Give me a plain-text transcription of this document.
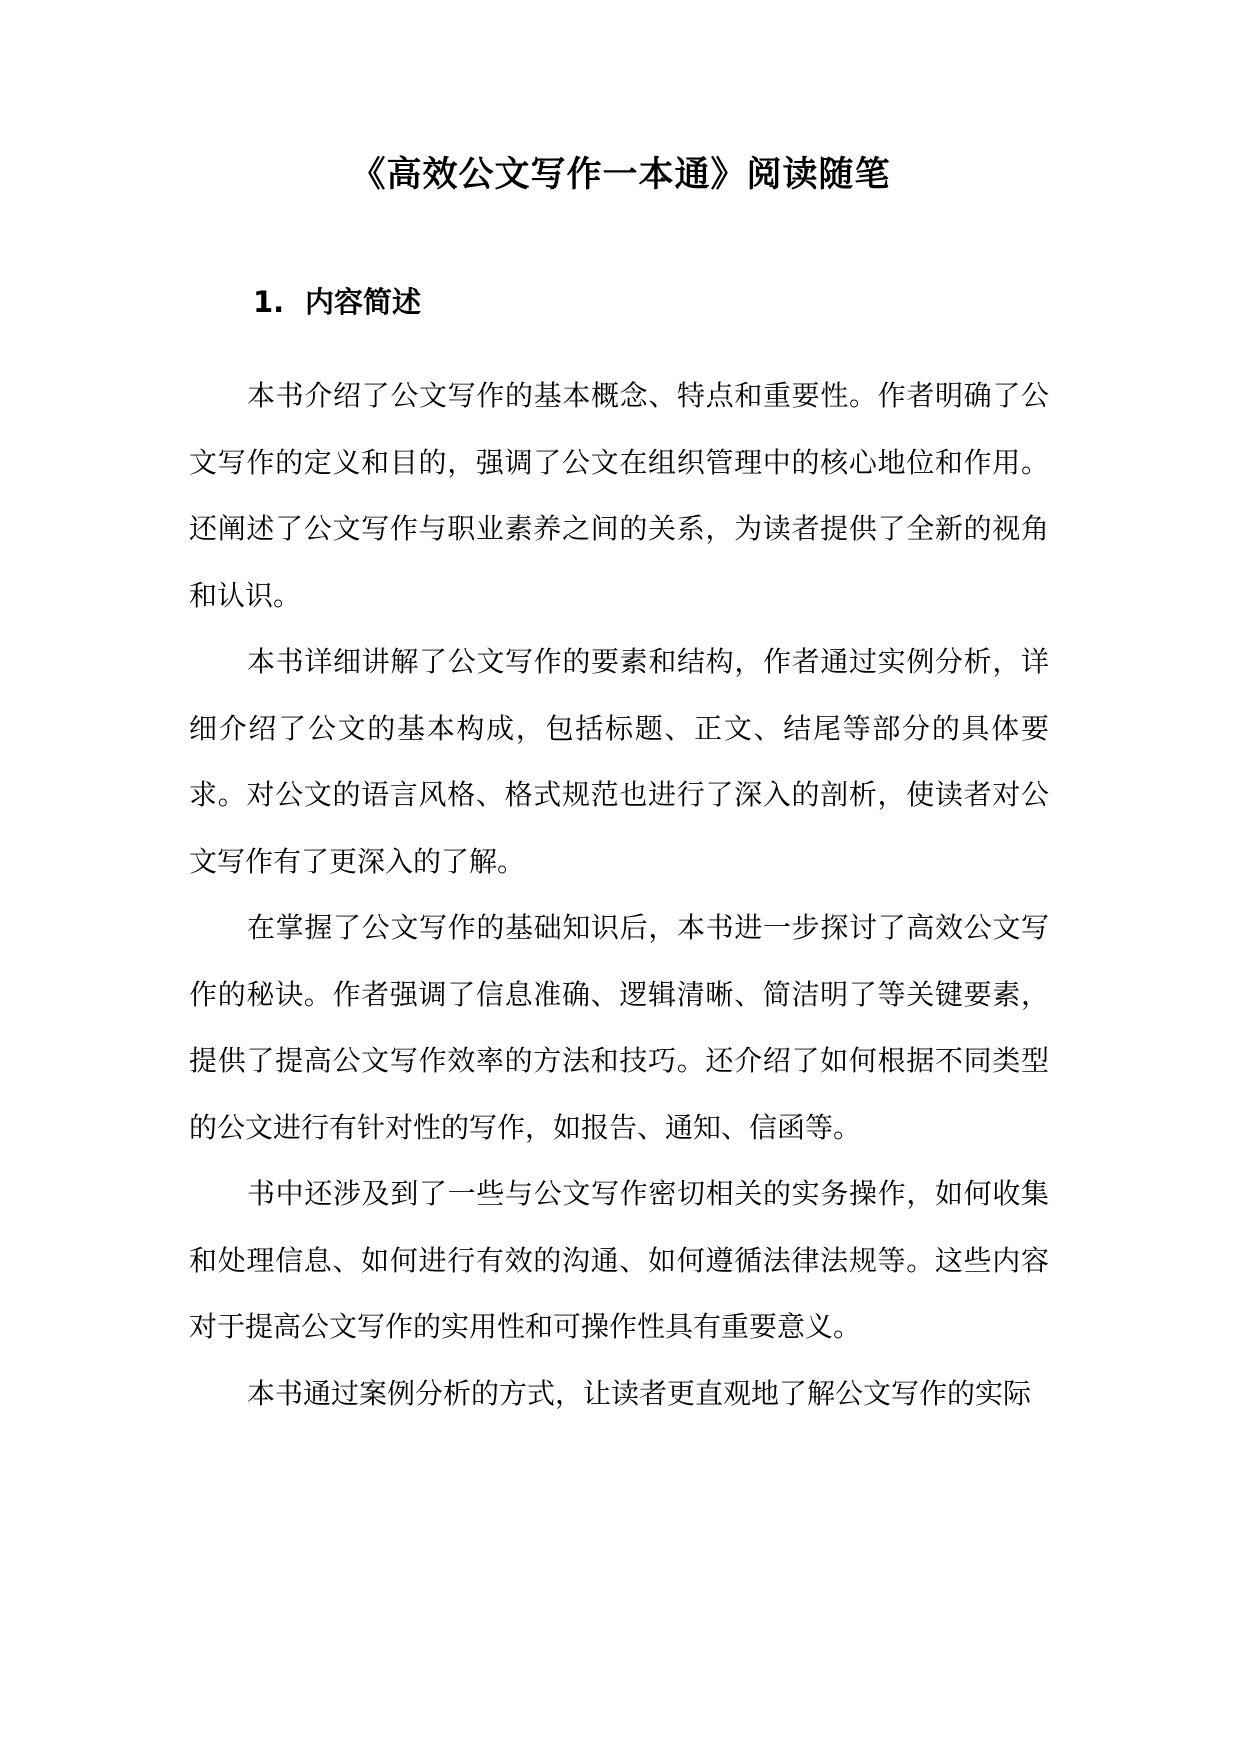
《高效公文写作一本通》阅读随笔
1. 内容简述

本书介绍了公文写作的基本概念、特点和重要性。作者明确了公文写作的定义和目的，强调了公文在组织管理中的核心地位和作用。还阐述了公文写作与职业素养之间的关系，为读者提供了全新的视角和认识。

本书详细讲解了公文写作的要素和结构，作者通过实例分析，详细介绍了公文的基本构成，包括标题、正文、结尾等部分的具体要求。对公文的语言风格、格式规范也进行了深入的剖析，使读者对公文写作有了更深入的了解。

在掌握了公文写作的基础知识后，本书进一步探讨了高效公文写作的秘诀。作者强调了信息准确、逻辑清晰、简洁明了等关键要素，提供了提高公文写作效率的方法和技巧。还介绍了如何根据不同类型的公文进行有针对性的写作，如报告、通知、信函等。

书中还涉及到了一些与公文写作密切相关的实务操作，如何收集和处理信息、如何进行有效的沟通、如何遵循法律法规等。这些内容对于提高公文写作的实用性和可操作性具有重要意义。

本书通过案例分析的方式，让读者更直观地了解公文写作的实际
